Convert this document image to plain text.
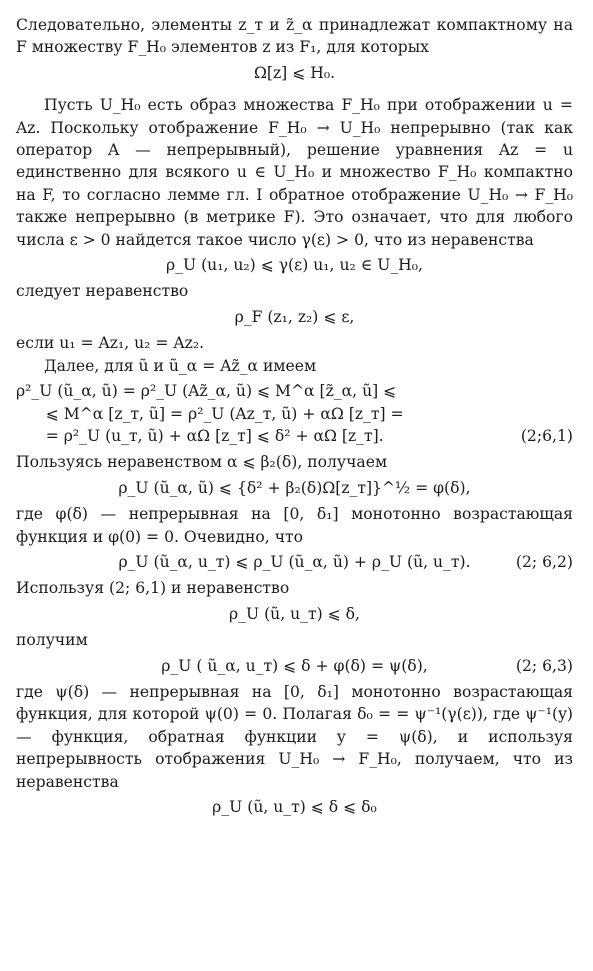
Следовательно, элементы z_т и z̃_α принадлежат компактному на F множеству F_H₀ элементов z из F₁, для которых

Ω[z] ⩽ H₀.

Пусть U_H₀ есть образ множества F_H₀ при отображении u = Az. Поскольку отображение F_H₀ → U_H₀ непрерывно (так как оператор A — непрерывный), решение уравнения Az = u единственно для всякого u ∈ U_H₀ и множество F_H₀ компактно на F, то согласно лемме гл. I обратное отображение U_H₀ → F_H₀ также непрерывно (в метрике F). Это означает, что для любого числа ε > 0 найдется такое число γ(ε) > 0, что из неравенства

ρ_U (u₁, u₂) ⩽ γ(ε) u₁, u₂ ∈ U_H₀,

следует неравенство

ρ_F (z₁, z₂) ⩽ ε,

если u₁ = Az₁, u₂ = Az₂.

Далее, для ũ и ũ_α = Az̃_α имеем

ρ²_U (ũ_α, ũ) = ρ²_U (Az̃_α, ũ) ⩽ M^α [z̃_α, ũ] ⩽
⩽ M^α [z_т, ũ] = ρ²_U (Az_т, ũ) + αΩ [z_т] =
= ρ²_U (u_т, ũ) + αΩ [z_т] ⩽ δ² + αΩ [z_т].	(2;6,1)

Пользуясь неравенством α ⩽ β₂(δ), получаем

ρ_U (ũ_α, ũ) ⩽ {δ² + β₂(δ)Ω[z_т]}^½ = φ(δ),

где φ(δ) — непрерывная на [0, δ₁] монотонно возрастающая функция и φ(0) = 0. Очевидно, что

ρ_U (ũ_α, u_т) ⩽ ρ_U (ũ_α, ũ) + ρ_U (ũ, u_т).	(2; 6,2)

Используя (2; 6,1) и неравенство

ρ_U (ũ, u_т) ⩽ δ,

получим

ρ_U ( ũ_α, u_т) ⩽ δ + φ(δ) = ψ(δ),	(2; 6,3)

где ψ(δ) — непрерывная на [0, δ₁] монотонно возрастающая функция, для которой ψ(0) = 0. Полагая δ₀ = = ψ⁻¹(γ(ε)), где ψ⁻¹(y) — функция, обратная функции y = ψ(δ), и используя непрерывность отображения U_H₀ → F_H₀, получаем, что из неравенства

ρ_U (ũ, u_т) ⩽ δ ⩽ δ₀
